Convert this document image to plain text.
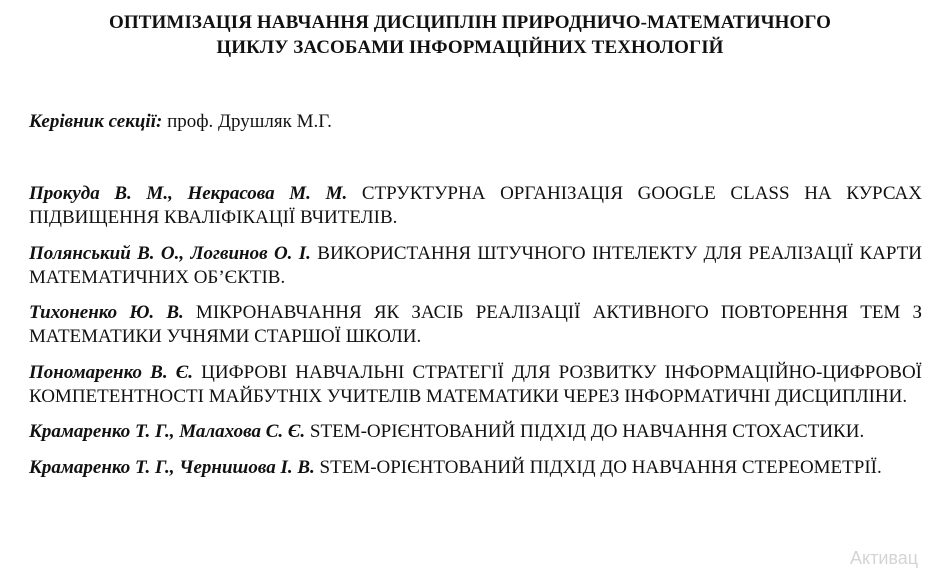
ОПТИМІЗАЦІЯ НАВЧАННЯ ДИСЦИПЛІН ПРИРОДНИЧО-МАТЕМАТИЧНОГО
ЦИКЛУ ЗАСОБАМИ ІНФОРМАЦІЙНИХ ТЕХНОЛОГІЙ
Керівник секції: проф. Друшляк М.Г.

Прокуда В. М., Некрасова М. М. СТРУКТУРНА ОРГАНІЗАЦІЯ GOOGLE CLASS НА КУРСАХ ПІДВИЩЕННЯ КВАЛІФІКАЦІЇ ВЧИТЕЛІВ.

Полянський В. О., Логвинов О. І. ВИКОРИСТАННЯ ШТУЧНОГО ІНТЕЛЕКТУ ДЛЯ РЕАЛІЗАЦІЇ КАРТИ МАТЕМАТИЧНИХ ОБ’ЄКТІВ.

Тихоненко Ю. В. МІКРОНАВЧАННЯ ЯК ЗАСІБ РЕАЛІЗАЦІЇ АКТИВНОГО ПОВТОРЕННЯ ТЕМ З МАТЕМАТИКИ УЧНЯМИ СТАРШОЇ ШКОЛИ.

Пономаренко В. Є. ЦИФРОВІ НАВЧАЛЬНІ СТРАТЕГІЇ ДЛЯ РОЗВИТКУ ІНФОРМАЦІЙНО-ЦИФРОВОЇ КОМПЕТЕНТНОСТІ МАЙБУТНІХ УЧИТЕЛІВ МАТЕМАТИКИ ЧЕРЕЗ ІНФОРМАТИЧНІ ДИСЦИПЛІНИ.

Крамаренко Т. Г., Малахова С. Є. STEM-ОРІЄНТОВАНИЙ ПІДХІД ДО НАВЧАННЯ СТОХАСТИКИ.

Крамаренко Т. Г., Чернишова І. В. STEM-ОРІЄНТОВАНИЙ ПІДХІД ДО НАВЧАННЯ СТЕРЕОМЕТРІЇ.

Активац
